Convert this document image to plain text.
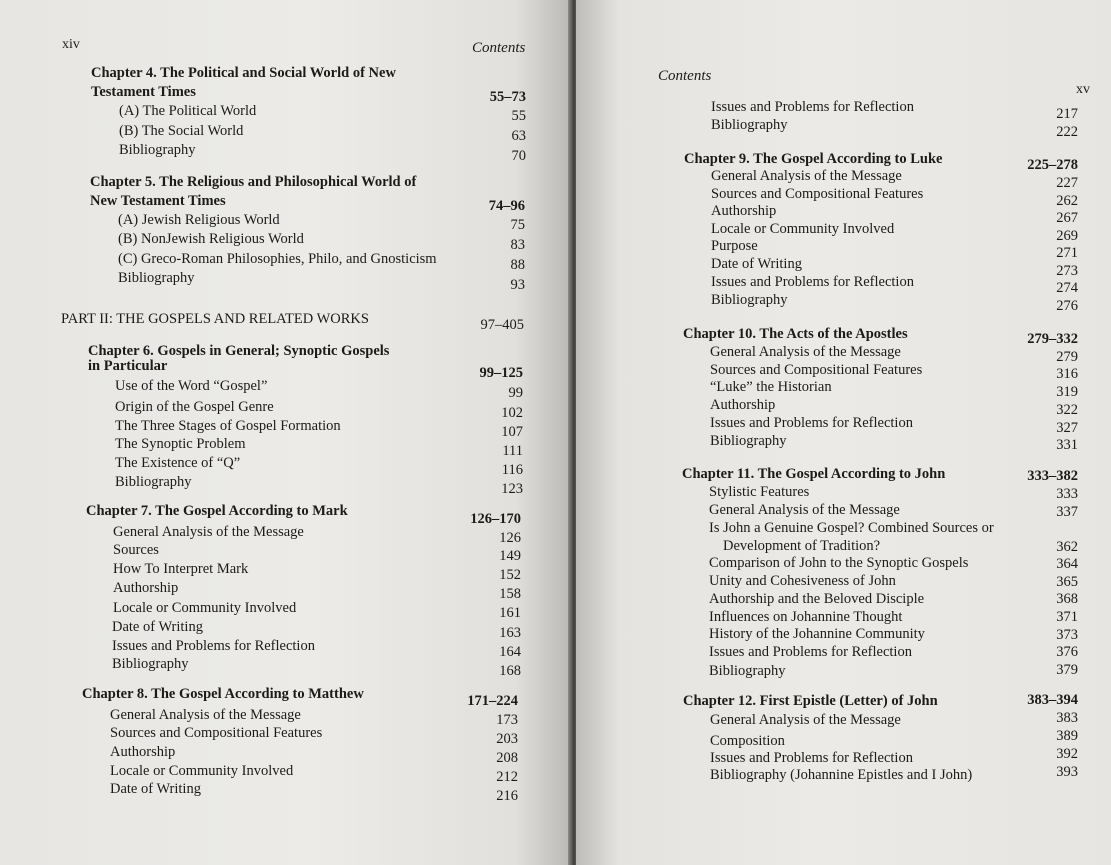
xiv	Contents
Chapter 4. The Political and Social World of New
Testament Times	55–73
(A) The Political World	55
(B) The Social World	63
Bibliography	70
Chapter 5. The Religious and Philosophical World of
New Testament Times	74–96
(A) Jewish Religious World	75
(B) NonJewish Religious World	83
(C) Greco-Roman Philosophies, Philo, and Gnosticism	88
Bibliography	93
PART II: THE GOSPELS AND RELATED WORKS	97–405
Chapter 6. Gospels in General; Synoptic Gospels
in Particular	99–125
Use of the Word “Gospel”	99
Origin of the Gospel Genre	102
The Three Stages of Gospel Formation	107
The Synoptic Problem	111
The Existence of “Q”	116
Bibliography	123
Chapter 7. The Gospel According to Mark	126–170
General Analysis of the Message	126
Sources	149
How To Interpret Mark	152
Authorship	158
Locale or Community Involved	161
Date of Writing	163
Issues and Problems for Reflection	164
Bibliography	168
Chapter 8. The Gospel According to Matthew	171–224
General Analysis of the Message	173
Sources and Compositional Features	203
Authorship	208
Locale or Community Involved	212
Date of Writing	216
Contents
xv
Issues and Problems for Reflection	217
Bibliography	222
Chapter 9. The Gospel According to Luke	225–278
General Analysis of the Message	227
Sources and Compositional Features	262
Authorship	267
Locale or Community Involved	269
Purpose	271
Date of Writing	273
Issues and Problems for Reflection	274
Bibliography	276
Chapter 10. The Acts of the Apostles	279–332
General Analysis of the Message	279
Sources and Compositional Features	316
“Luke” the Historian	319
Authorship	322
Issues and Problems for Reflection	327
Bibliography	331
Chapter 11. The Gospel According to John	333–382
Stylistic Features	333
General Analysis of the Message	337
Is John a Genuine Gospel? Combined Sources or
Development of Tradition?	362
Comparison of John to the Synoptic Gospels	364
Unity and Cohesiveness of John	365
Authorship and the Beloved Disciple	368
Influences on Johannine Thought	371
History of the Johannine Community	373
Issues and Problems for Reflection	376
Bibliography	379
Chapter 12. First Epistle (Letter) of John	383–394
General Analysis of the Message	383
Composition	389
Issues and Problems for Reflection	392
Bibliography (Johannine Epistles and I John)	393
